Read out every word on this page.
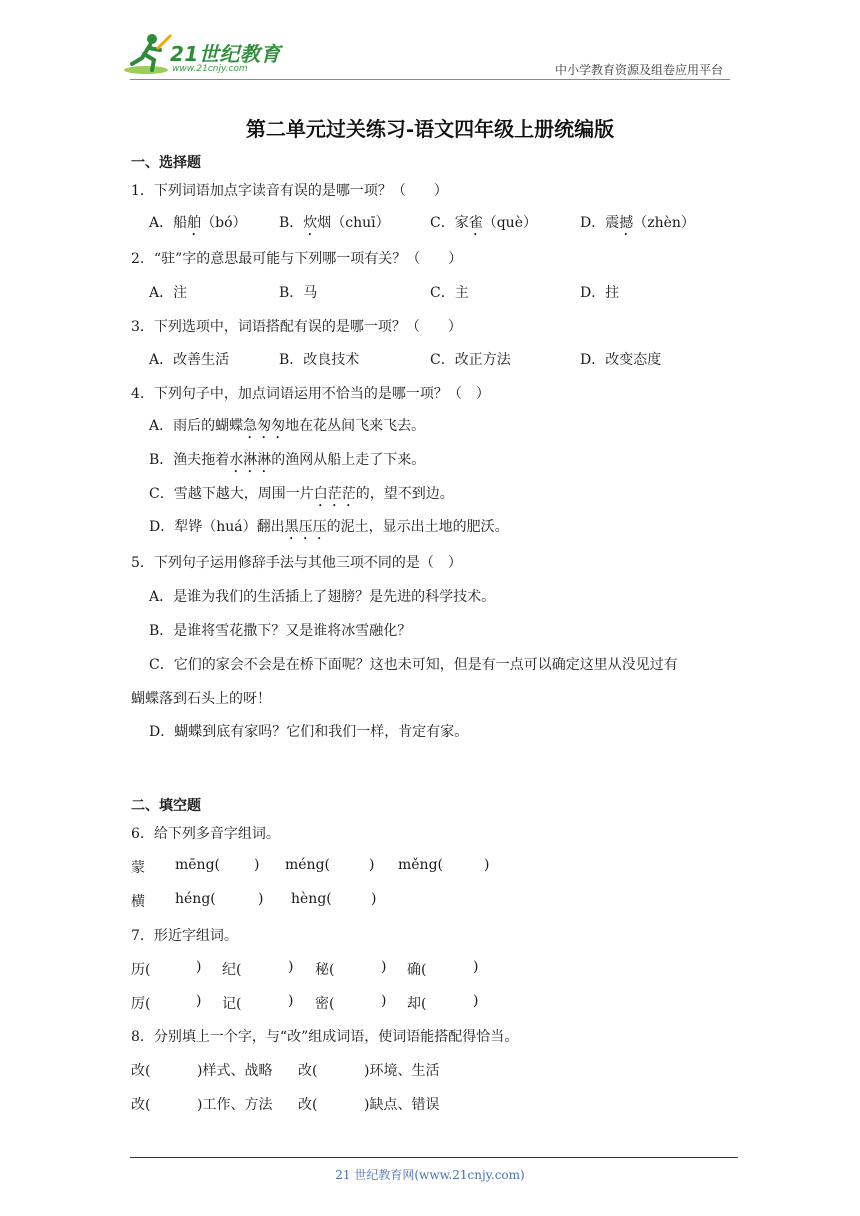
21世纪教育
www.21cnjy.com	中小学教育资源及组卷应用平台
第二单元过关练习-语文四年级上册统编版
一、选择题
1．下列词语加点字读音有误的是哪一项？（　　）
A．船舶（bó） B．炊烟（chuī）	C．家雀（què）	D．震撼（zhèn）
2．“驻”字的意思最可能与下列哪一项有关？（　　）
A．注	B．马	C．主	D．拄
3．下列选项中，词语搭配有误的是哪一项？（　　）
A．改善生活	B．改良技术	C．改正方法	D．改变态度
4．下列句子中，加点词语运用不恰当的是哪一项？（　）
A．雨后的蝴蝶急匆匆地在花丛间飞来飞去。
B．渔夫拖着水淋淋的渔网从船上走了下来。
C．雪越下越大，周围一片白茫茫的，望不到边。
D．犁铧（huá）翻出黑压压的泥土，显示出土地的肥沃。
5．下列句子运用修辞手法与其他三项不同的是（　）
A．是谁为我们的生活插上了翅膀？是先进的科学技术。
B．是谁将雪花撒下？又是谁将冰雪融化？
C．它们的家会不会是在桥下面呢？这也未可知，但是有一点可以确定这里从没见过有
蝴蝶落到石头上的呀！
D．蝴蝶到底有家吗？它们和我们一样，肯定有家。
二、填空题
6．给下列多音字组词。
蒙 mēng( ) méng(	) měng(	)
横 héng(	) hèng(	)
7．形近字组词。
历(	) 纪(	) 秘(	) 确(	)
厉(	) 记(	) 密(	) 却(	)
8．分别填上一个字，与“改”组成词语，使词语能搭配得恰当。
改(	)样式、战略 改(	)环境、生活
改(	)工作、方法 改(	)缺点、错误
21 世纪教育网(www.21cnjy.com)
